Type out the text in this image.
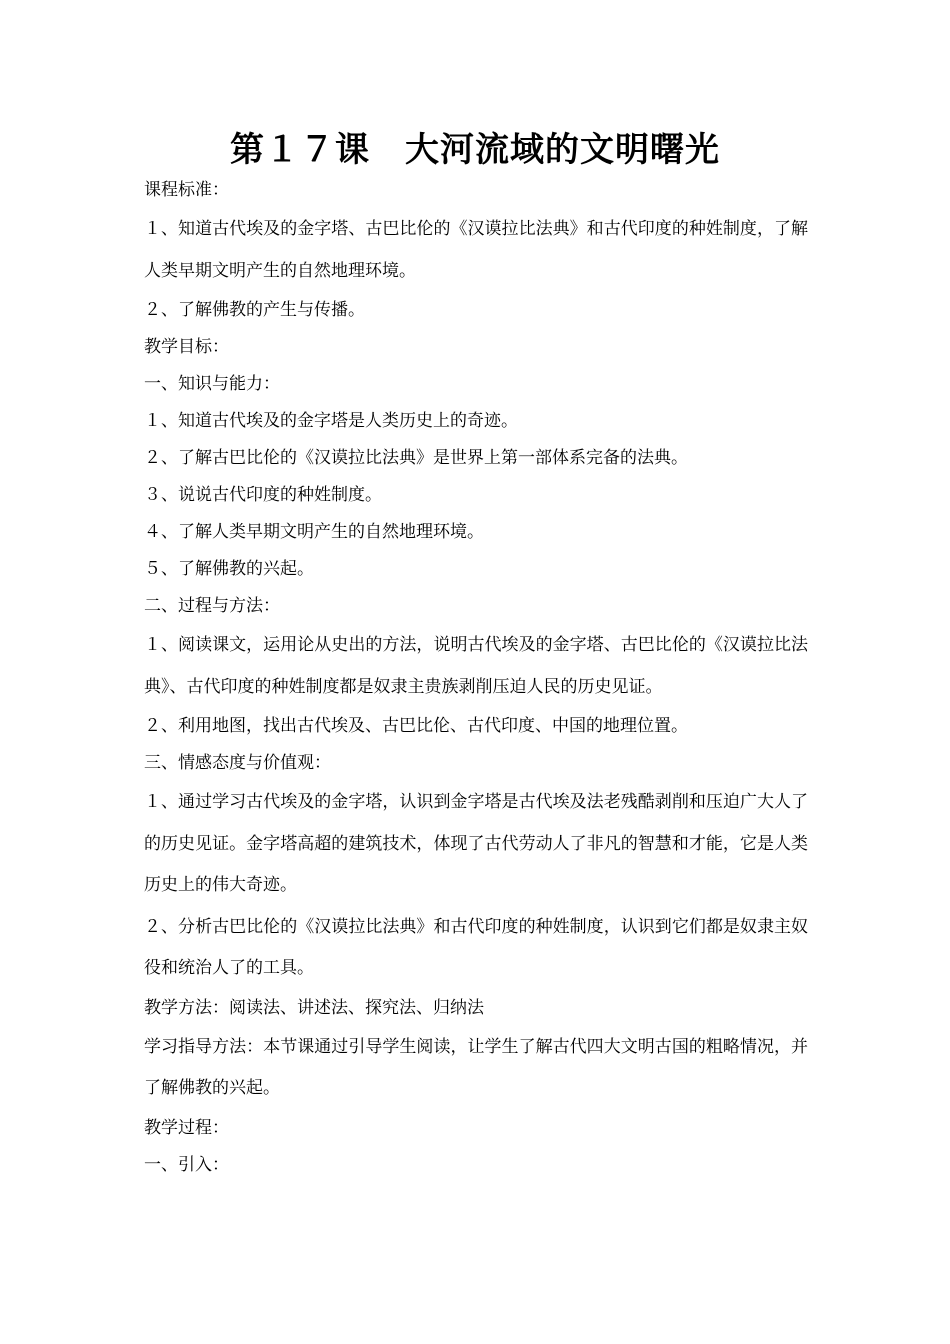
第１７课　大河流域的文明曙光

课程标准：

１、知道古代埃及的金字塔、古巴比伦的《汉谟拉比法典》和古代印度的种姓制度，了解人类早期文明产生的自然地理环境。

２、了解佛教的产生与传播。

教学目标：

一、知识与能力：

１、知道古代埃及的金字塔是人类历史上的奇迹。

２、了解古巴比伦的《汉谟拉比法典》是世界上第一部体系完备的法典。

３、说说古代印度的种姓制度。

４、了解人类早期文明产生的自然地理环境。

５、了解佛教的兴起。

二、过程与方法：

１、阅读课文，运用论从史出的方法，说明古代埃及的金字塔、古巴比伦的《汉谟拉比法典》、古代印度的种姓制度都是奴隶主贵族剥削压迫人民的历史见证。

２、利用地图，找出古代埃及、古巴比伦、古代印度、中国的地理位置。

三、情感态度与价值观：

１、通过学习古代埃及的金字塔，认识到金字塔是古代埃及法老残酷剥削和压迫广大人了的历史见证。金字塔高超的建筑技术，体现了古代劳动人了非凡的智慧和才能，它是人类历史上的伟大奇迹。

２、分析古巴比伦的《汉谟拉比法典》和古代印度的种姓制度，认识到它们都是奴隶主奴役和统治人了的工具。

教学方法：阅读法、讲述法、探究法、归纳法

学习指导方法：本节课通过引导学生阅读，让学生了解古代四大文明古国的粗略情况，并了解佛教的兴起。

教学过程：

一、引入：
